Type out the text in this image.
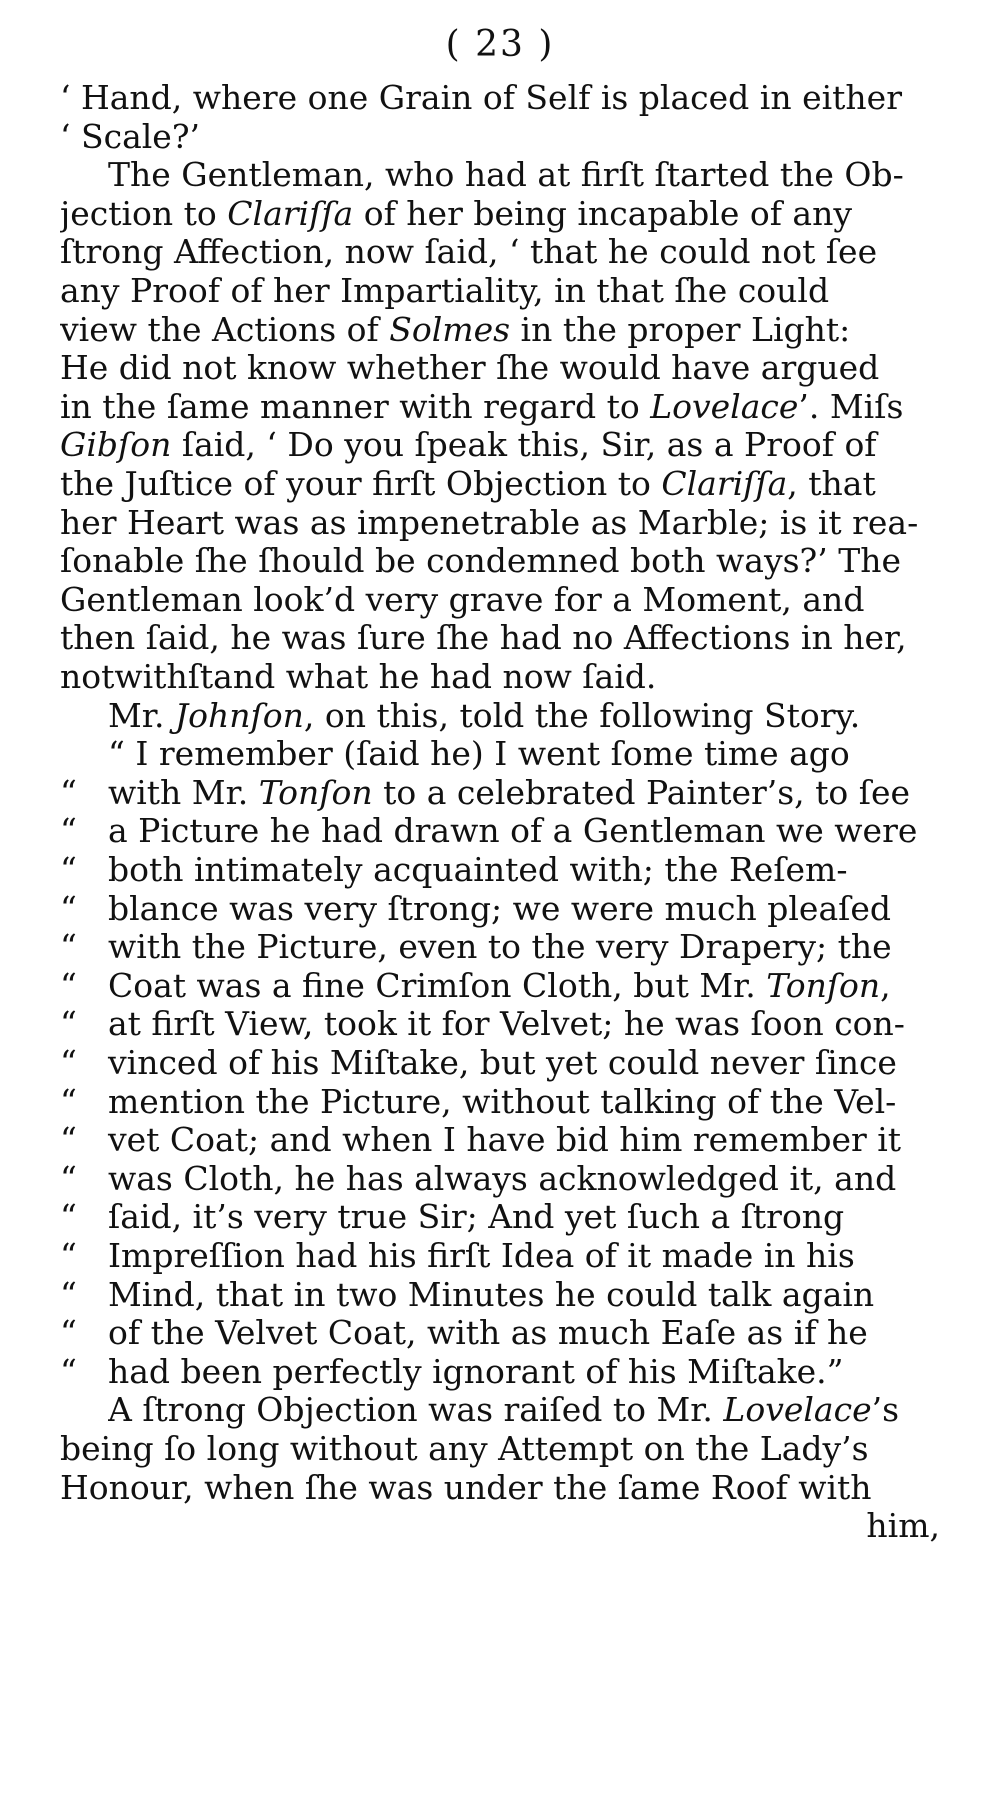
( 23 )
‘ Hand, where one Grain of Self is placed in either
‘ Scale?’
The Gentleman, who had at firſt ſtarted the Ob-
jection to Clariſſa of her being incapable of any
ſtrong Affection, now ſaid, ‘ that he could not ſee
any Proof of her Impartiality, in that ſhe could
view the Actions of Solmes in the proper Light:
He did not know whether ſhe would have argued
in the ſame manner with regard to Lovelace’. Miſs
Gibſon ſaid, ‘ Do you ſpeak this, Sir, as a Proof of
the Juſtice of your firſt Objection to Clariſſa, that
her Heart was as impenetrable as Marble; is it rea-
ſonable ſhe ſhould be condemned both ways?’ The
Gentleman look’d very grave for a Moment, and
then ſaid, he was ſure ſhe had no Affections in her,
notwithſtand what he had now ſaid.
Mr. Johnſon, on this, told the following Story.
“ I remember (ſaid he) I went ſome time ago
“ with Mr. Tonſon to a celebrated Painter’s, to ſee
“ a Picture he had drawn of a Gentleman we were
“ both intimately acquainted with; the Reſem-
“ blance was very ſtrong; we were much pleaſed
“ with the Picture, even to the very Drapery; the
“ Coat was a fine Crimſon Cloth, but Mr. Tonſon,
“ at firſt View, took it for Velvet; he was ſoon con-
“ vinced of his Miſtake, but yet could never ſince
“ mention the Picture, without talking of the Vel-
“ vet Coat; and when I have bid him remember it
“ was Cloth, he has always acknowledged it, and
“ ſaid, it’s very true Sir; And yet ſuch a ſtrong
“ Impreſſion had his firſt Idea of it made in his
“ Mind, that in two Minutes he could talk again
“ of the Velvet Coat, with as much Eaſe as if he
“ had been perfectly ignorant of his Miſtake.”
A ſtrong Objection was raiſed to Mr. Lovelace’s
being ſo long without any Attempt on the Lady’s
Honour, when ſhe was under the ſame Roof with
him,
